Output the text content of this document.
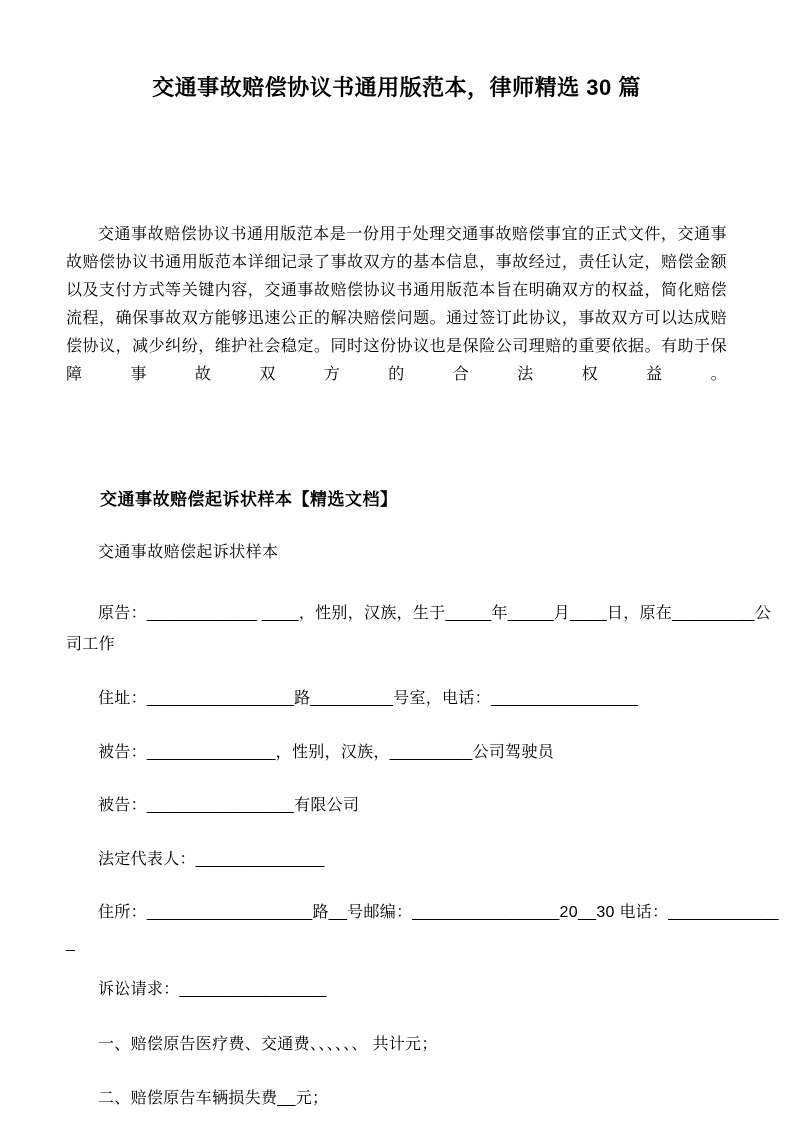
交通事故赔偿协议书通用版范本，律师精选 30 篇

交通事故赔偿协议书通用版范本是一份用于处理交通事故赔偿事宜的正式文件，交通事故赔偿协议书通用版范本详细记录了事故双方的基本信息，事故经过，责任认定，赔偿金额以及支付方式等关键内容，交通事故赔偿协议书通用版范本旨在明确双方的权益，简化赔偿流程，确保事故双方能够迅速公正的解决赔偿问题。通过签订此协议，事故双方可以达成赔偿协议，减少纠纷，维护社会稳定。同时这份协议也是保险公司理赔的重要依据。有助于保障事故双方的合法权益。

交通事故赔偿起诉状样本【精选文档】

交通事故赔偿起诉状样本

原告：____________ ____，性别，汉族，生于_____年_____月____日，原在_________公
司工作
住址：________________路_________号室，电话：________________
被告：______________，性别，汉族，_________公司驾驶员
被告：________________有限公司
法定代表人：______________
住所：__________________路__号邮编：________________20__30 电话：____________
_
诉讼请求：________________
一、赔偿原告医疗费、交通费、、、、、、 共计元；
二、赔偿原告车辆损失费__元；
